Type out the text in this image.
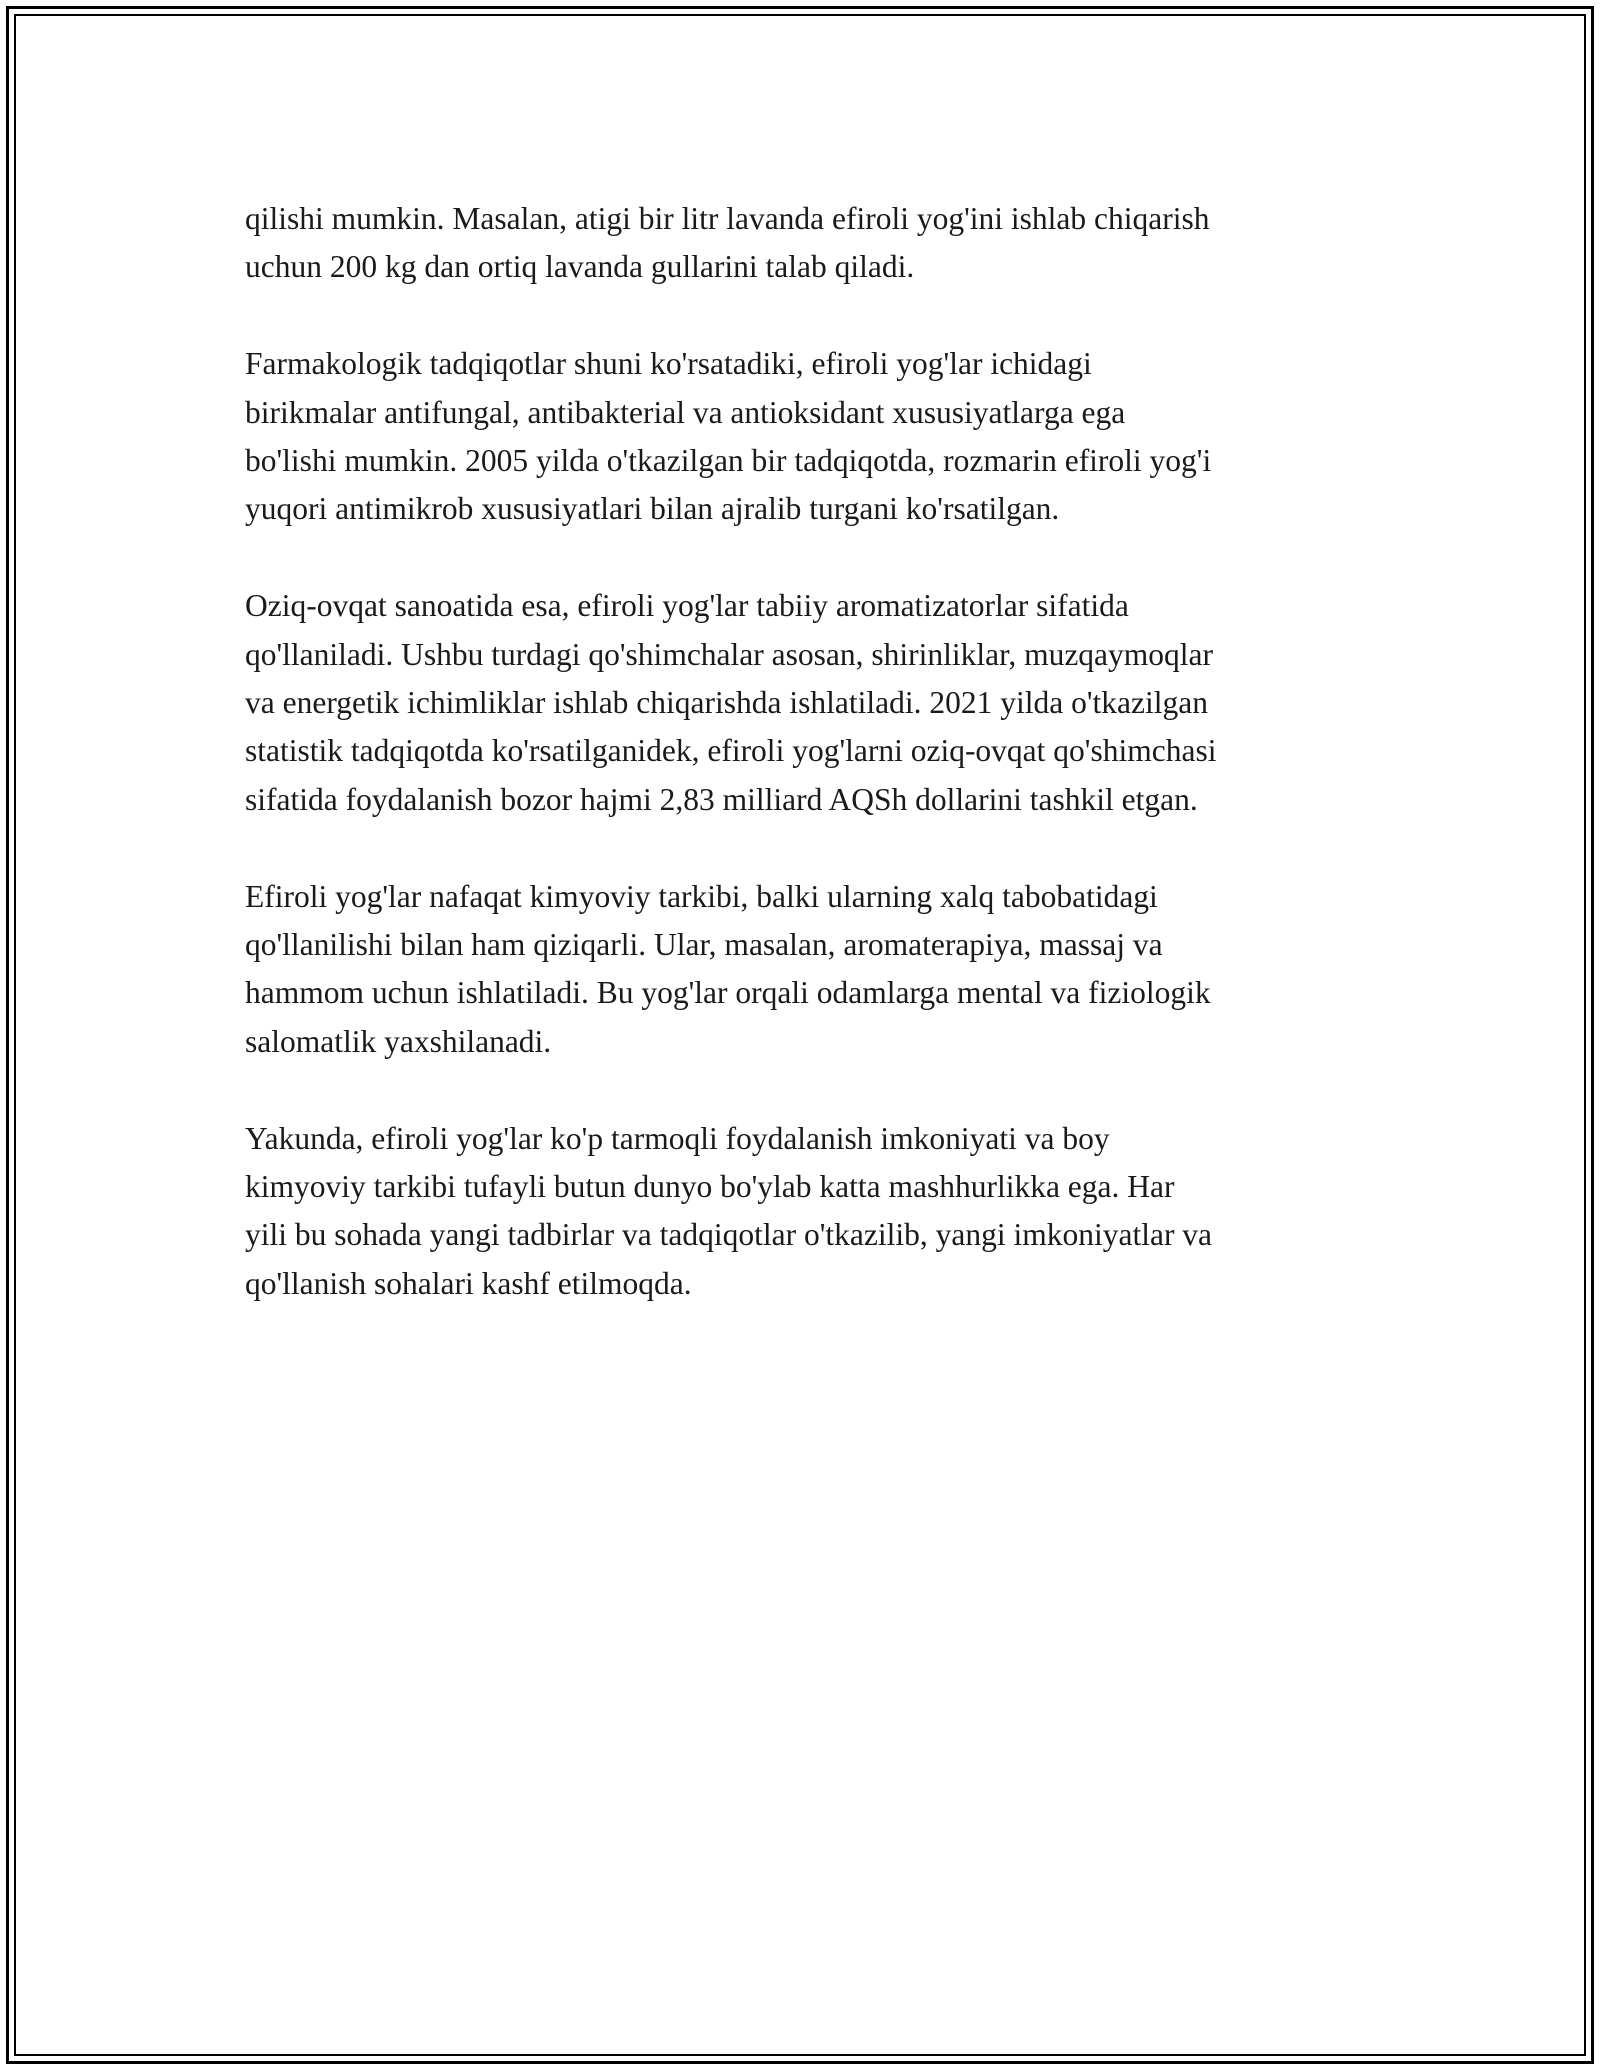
qilishi mumkin. Masalan, atigi bir litr lavanda efiroli yog'ini ishlab chiqarish
uchun 200 kg dan ortiq lavanda gullarini talab qiladi.

Farmakologik tadqiqotlar shuni ko'rsatadiki, efiroli yog'lar ichidagi
birikmalar antifungal, antibakterial va antioksidant xususiyatlarga ega
bo'lishi mumkin. 2005 yilda o'tkazilgan bir tadqiqotda, rozmarin efiroli yog'i
yuqori antimikrob xususiyatlari bilan ajralib turgani ko'rsatilgan.

Oziq-ovqat sanoatida esa, efiroli yog'lar tabiiy aromatizatorlar sifatida
qo'llaniladi. Ushbu turdagi qo'shimchalar asosan, shirinliklar, muzqaymoqlar
va energetik ichimliklar ishlab chiqarishda ishlatiladi. 2021 yilda o'tkazilgan
statistik tadqiqotda ko'rsatilganidek, efiroli yog'larni oziq-ovqat qo'shimchasi
sifatida foydalanish bozor hajmi 2,83 milliard AQSh dollarini tashkil etgan.

Efiroli yog'lar nafaqat kimyoviy tarkibi, balki ularning xalq tabobatidagi
qo'llanilishi bilan ham qiziqarli. Ular, masalan, aromaterapiya, massaj va
hammom uchun ishlatiladi. Bu yog'lar orqali odamlarga mental va fiziologik
salomatlik yaxshilanadi.

Yakunda, efiroli yog'lar ko'p tarmoqli foydalanish imkoniyati va boy
kimyoviy tarkibi tufayli butun dunyo bo'ylab katta mashhurlikka ega. Har
yili bu sohada yangi tadbirlar va tadqiqotlar o'tkazilib, yangi imkoniyatlar va
qo'llanish sohalari kashf etilmoqda.
